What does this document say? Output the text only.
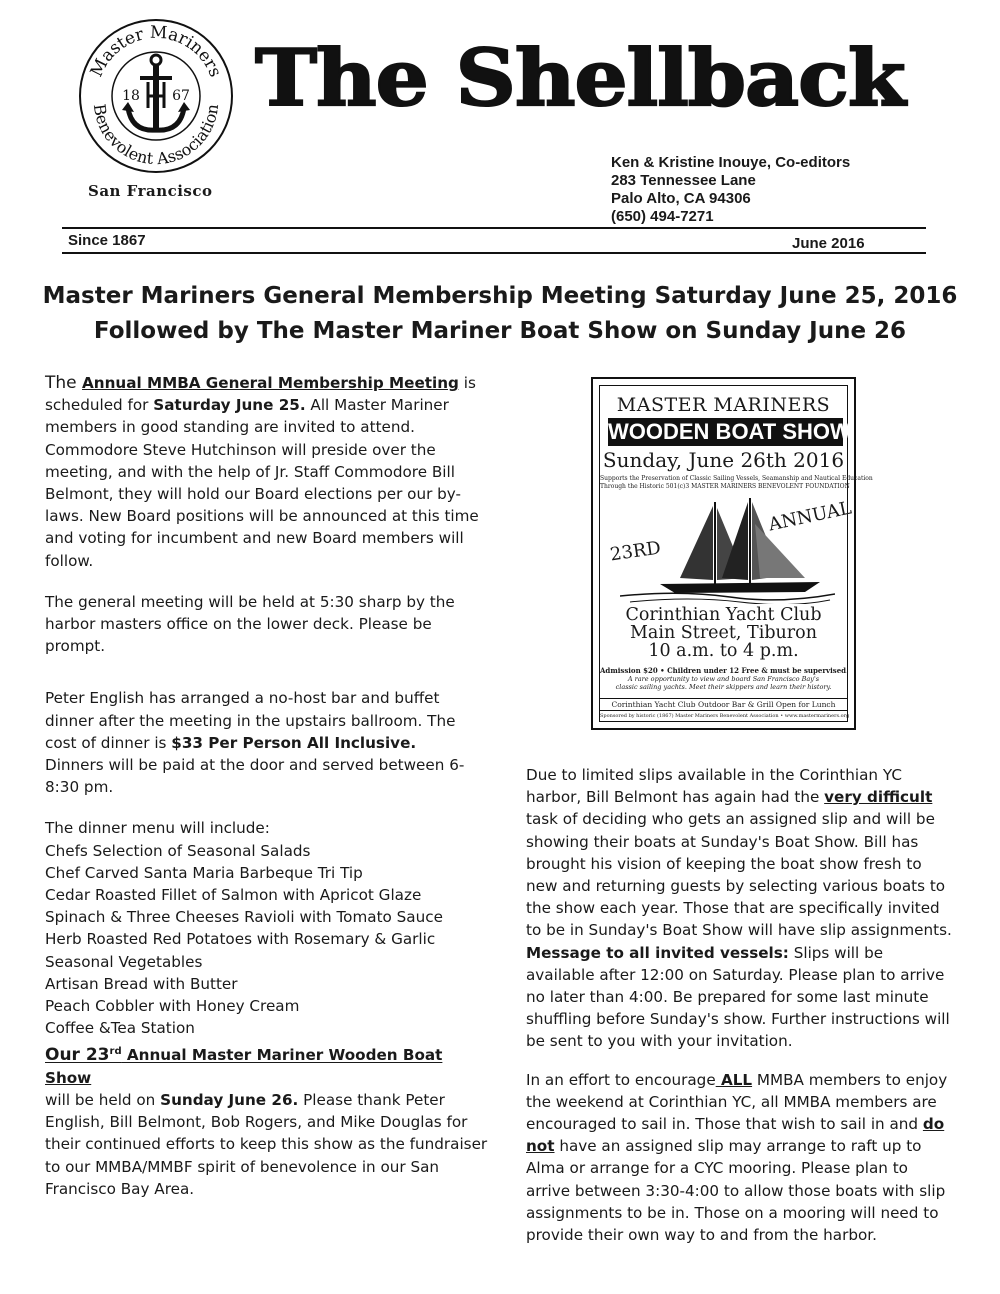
Master Mariners
Benevolent Association
18 67
San Francisco
The Shellback
Ken & Kristine Inouye, Co-editors
283 Tennessee Lane
Palo Alto, CA 94306
(650) 494-7271
Since 1867	June 2016
Master Mariners General Membership Meeting Saturday June 25, 2016
Followed by The Master Mariner Boat Show on Sunday June 26

The Annual MMBA General Membership Meeting is scheduled for Saturday June 25. All Master Mariner members in good standing are invited to attend. Commodore Steve Hutchinson will preside over the meeting, and with the help of Jr. Staff Commodore Bill Belmont, they will hold our Board elections per our by-laws. New Board positions will be announced at this time and voting for incumbent and new Board members will follow.

The general meeting will be held at 5:30 sharp by the harbor masters office on the lower deck. Please be prompt.

Peter English has arranged a no-host bar and buffet dinner after the meeting in the upstairs ballroom. The cost of dinner is $33 Per Person All Inclusive.
Dinners will be paid at the door and served between 6-8:30 pm.

The dinner menu will include:

Chefs Selection of Seasonal Salads

Chef Carved Santa Maria Barbeque Tri Tip

Cedar Roasted Fillet of Salmon with Apricot Glaze

Spinach & Three Cheeses Ravioli with Tomato Sauce

Herb Roasted Red Potatoes with Rosemary & Garlic

Seasonal Vegetables

Artisan Bread with Butter

Peach Cobbler with Honey Cream

Coffee &Tea Station

Our 23rd Annual Master Mariner Wooden Boat Show

will be held on Sunday June 26. Please thank Peter English, Bill Belmont, Bob Rogers, and Mike Douglas for their continued efforts to keep this show as the fundraiser to our MMBA/MMBF spirit of benevolence in our San Francisco Bay Area.

MASTER MARINERS
WOODEN BOAT SHOW
Sunday, June 26th 2016
Supports the Preservation of Classic Sailing Vessels, Seamanship and Nautical Education
Through the Historic 501(c)3 MASTER MARINERS BENEVOLENT FOUNDATION
23RD
ANNUAL
Corinthian Yacht Club
Main Street, Tiburon
10 a.m. to 4 p.m.
Admission $20 • Children under 12 Free & must be supervised.
A rare opportunity to view and board San Francisco Bay's
classic sailing yachts. Meet their skippers and learn their history.
Corinthian Yacht Club Outdoor Bar & Grill Open for Lunch
Sponsored by historic (1867) Master Mariners Benevolent Association • www.mastermariners.org

Due to limited slips available in the Corinthian YC harbor, Bill Belmont has again had the very difficult task of deciding who gets an assigned slip and will be showing their boats at Sunday's Boat Show. Bill has brought his vision of keeping the boat show fresh to new and returning guests by selecting various boats to the show each year. Those that are specifically invited to be in Sunday's Boat Show will have slip assignments. Message to all invited vessels: Slips will be available after 12:00 on Saturday. Please plan to arrive no later than 4:00. Be prepared for some last minute shuffling before Sunday's show. Further instructions will be sent to you with your invitation.

In an effort to encourage ALL MMBA members to enjoy the weekend at Corinthian YC, all MMBA members are encouraged to sail in. Those that wish to sail in and do not have an assigned slip may arrange to raft up to Alma or arrange for a CYC mooring. Please plan to arrive between 3:30-4:00 to allow those boats with slip assignments to be in. Those on a mooring will need to provide their own way to and from the harbor.
